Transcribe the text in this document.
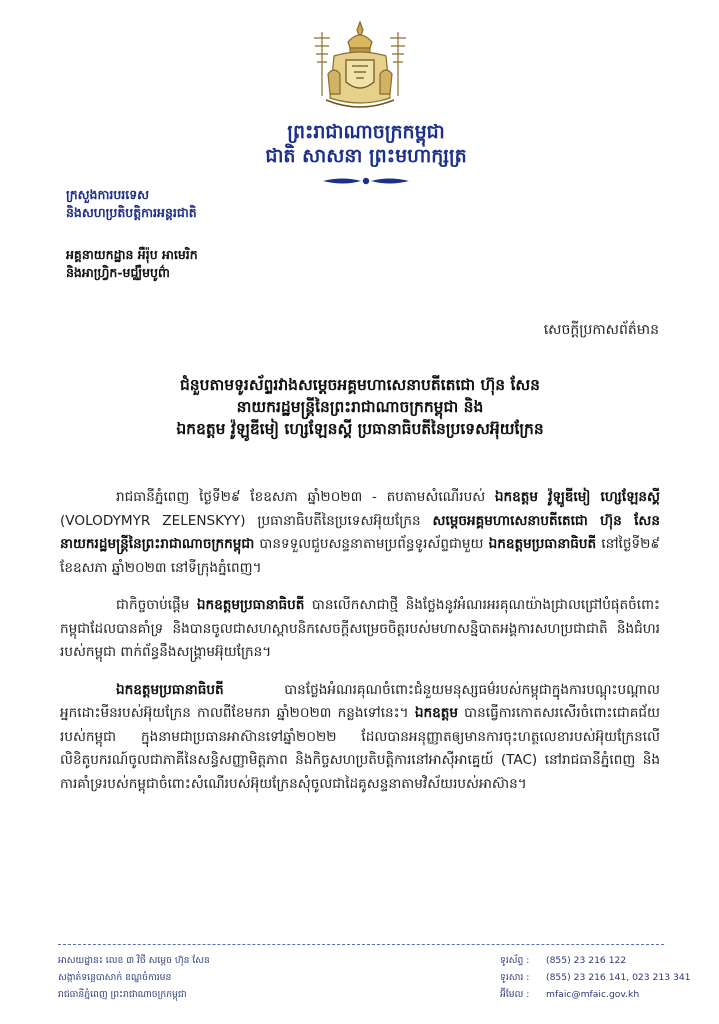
ព្រះរាជាណាចក្រកម្ពុជា
ជាតិ សាសនា ព្រះមហាក្សត្រ
ក្រសួងការបរទេស
និងសហប្រតិបត្តិការអន្តរជាតិ
អគ្គនាយកដ្ឋាន អឺរ៉ុប អាមេរិក
និងអាហ្វ្រិក-មជ្ឈឹមបូព៌ា
សេចក្តីប្រកាសព័ត៌មាន
ជំនួបតាមទូរស័ព្ទរវាងសម្តេចអគ្គមហាសេនាបតីតេជោ ហ៊ុន សែន
នាយករដ្ឋមន្ត្រីនៃព្រះរាជាណាចក្រកម្ពុជា និង
ឯកឧត្តម វ៉ូឡូឌីមៀ ហ្សេឡែនស្គី ប្រធានាធិបតីនៃប្រទេសអ៊ុយក្រែន

រាជធានីភ្នំពេញ ថ្ងៃទី២៩ ខែឧសភា ឆ្នាំ២០២៣ - តបតាមសំណើរបស់ ឯកឧត្តម វ៉ូឡូឌីមៀ ហ្សេឡែនស្គី (VOLODYMYR ZELENSKYY) ប្រធានាធិបតីនៃប្រទេសអ៊ុយក្រែន សម្តេចអគ្គមហាសេនាបតីតេជោ ហ៊ុន សែន នាយករដ្ឋមន្ត្រីនៃព្រះរាជាណាចក្រកម្ពុជា បានទទួលជួបសន្ទនាតាមប្រព័ន្ធទូរស័ព្ទជាមួយ ឯកឧត្តមប្រធានាធិបតី នៅថ្ងៃទី២៩ ខែឧសភា ឆ្នាំ២០២៣ នៅទីក្រុងភ្នំពេញ។

ជាកិច្ចចាប់ផ្តើម ឯកឧត្តមប្រធានាធិបតី បានលើកសាជាថ្មី និងថ្លែងនូវអំណរអរគុណយ៉ាងជ្រាលជ្រៅបំផុតចំពោះកម្ពុជាដែលបានគាំទ្រ និងបានចូលជាសហស្ពាបនិកសេចក្តីសម្រេចចិត្តរបស់មហាសន្និបាតអង្គការសហប្រជាជាតិ និងជំហររបស់កម្ពុជា ពាក់ព័ន្ធនឹងសង្គ្រាមអ៊ុយក្រែន។

ឯកឧត្តមប្រធានាធិបតី បានថ្លែងអំណរគុណចំពោះជំនួយមនុស្សធម៌របស់កម្ពុជាក្នុងការបណ្តុះបណ្តាល អ្នកដោះមីនរបស់អ៊ុយក្រែន កាលពីខែមករា ឆ្នាំ២០២៣ កន្លងទៅនេះ។ ឯកឧត្តម បានធ្វើការកោតសរសើរចំពោះជោគជ័យរបស់កម្ពុជា ក្នុងនាមជាប្រធានអាស៊ានទៅឆ្នាំ២០២២ ដែលបានអនុញ្ញាតឲ្យមានការចុះហត្ថលេខារបស់អ៊ុយក្រែនលើលិខិតូបករណ៍ចូលជាភាគីនៃសន្ធិសញ្ញាមិត្តភាព និងកិច្ចសហប្រតិបត្តិការនៅអាស៊ីអាគ្នេយ៍ (TAC) នៅរាជធានីភ្នំពេញ និងការគាំទ្ររបស់កម្ពុជាចំពោះសំណើរបស់អ៊ុយក្រែនសុំចូលជាដៃគូសន្ទនាតាមវិស័យរបស់អាស៊ាន។

អាសយដ្ឋាន៖ លេខ ៣ វិថី សម្តេច ហ៊ុន សែន
សង្កាត់ទន្លេបាសាក់ ខណ្ឌចំការមន
រាជធានីភ្នំពេញ ព្រះរាជាណាចក្រកម្ពុជា
ទូរស័ព្ទ : (855) 23 216 122
ទូរសារ : (855) 23 216 141, 023 213 341
អ៊ីមែល : mfaic@mfaic.gov.kh
